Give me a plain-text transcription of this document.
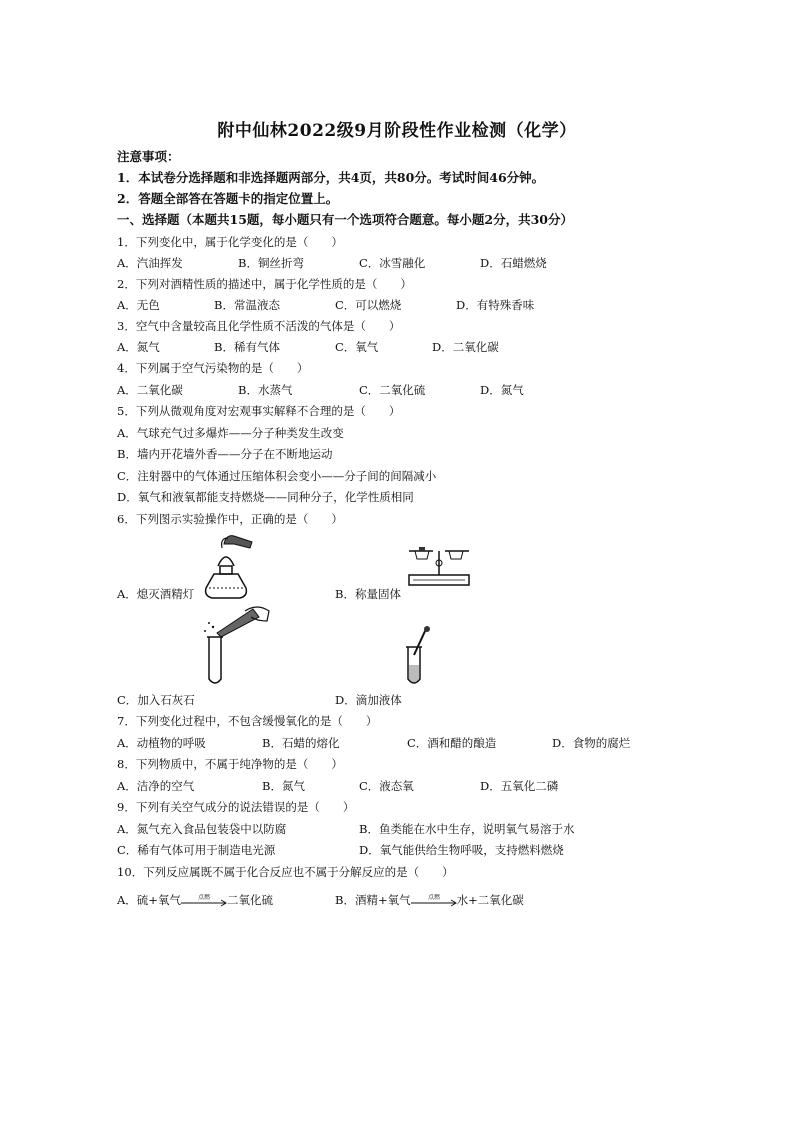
附中仙林2022级9月阶段性作业检测（化学）
注意事项：
1．本试卷分选择题和非选择题两部分，共4页，共80分。考试时间46分钟。
2．答题全部答在答题卡的指定位置上。
一、选择题（本题共15题，每小题只有一个选项符合题意。每小题2分，共30分）
1．下列变化中，属于化学变化的是（　　）
A．汽油挥发	B．铜丝折弯	C．冰雪融化	D．石蜡燃烧
2．下列对酒精性质的描述中，属于化学性质的是（　　）
A．无色	B．常温液态	C．可以燃烧	D．有特殊香味
3．空气中含量较高且化学性质不活泼的气体是（　　）
A．氮气	B．稀有气体	C．氧气	D．二氧化碳
4．下列属于空气污染物的是（　　）
A．二氧化碳	B．水蒸气	C．二氧化硫	D．氮气
5．下列从微观角度对宏观事实解释不合理的是（　　）
A．气球充气过多爆炸——分子种类发生改变
B．墙内开花墙外香——分子在不断地运动
C．注射器中的气体通过压缩体积会变小——分子间的间隔减小
D．氧气和液氧都能支持燃烧——同种分子，化学性质相同
6．下列图示实验操作中，正确的是（　　）
A．熄灭酒精灯	B．称量固体
C．加入石灰石	D．滴加液体
7．下列变化过程中，不包含缓慢氧化的是（　　）
A．动植物的呼吸	B．石蜡的熔化	C．酒和醋的酿造	D．食物的腐烂
8．下列物质中，不属于纯净物的是（　　）
A．洁净的空气	B．氮气	C．液态氧	D．五氧化二磷
9．下列有关空气成分的说法错误的是（　　）
A．氮气充入食品包装袋中以防腐	B．鱼类能在水中生存，说明氧气易溶于水
C．稀有气体可用于制造电光源	D．氧气能供给生物呼吸，支持燃料燃烧
10．下列反应属既不属于化合反应也不属于分解反应的是（　　）
A．硫+氧气	点燃 二氧化硫	B．酒精+氧气	点燃 水+二氧化碳
